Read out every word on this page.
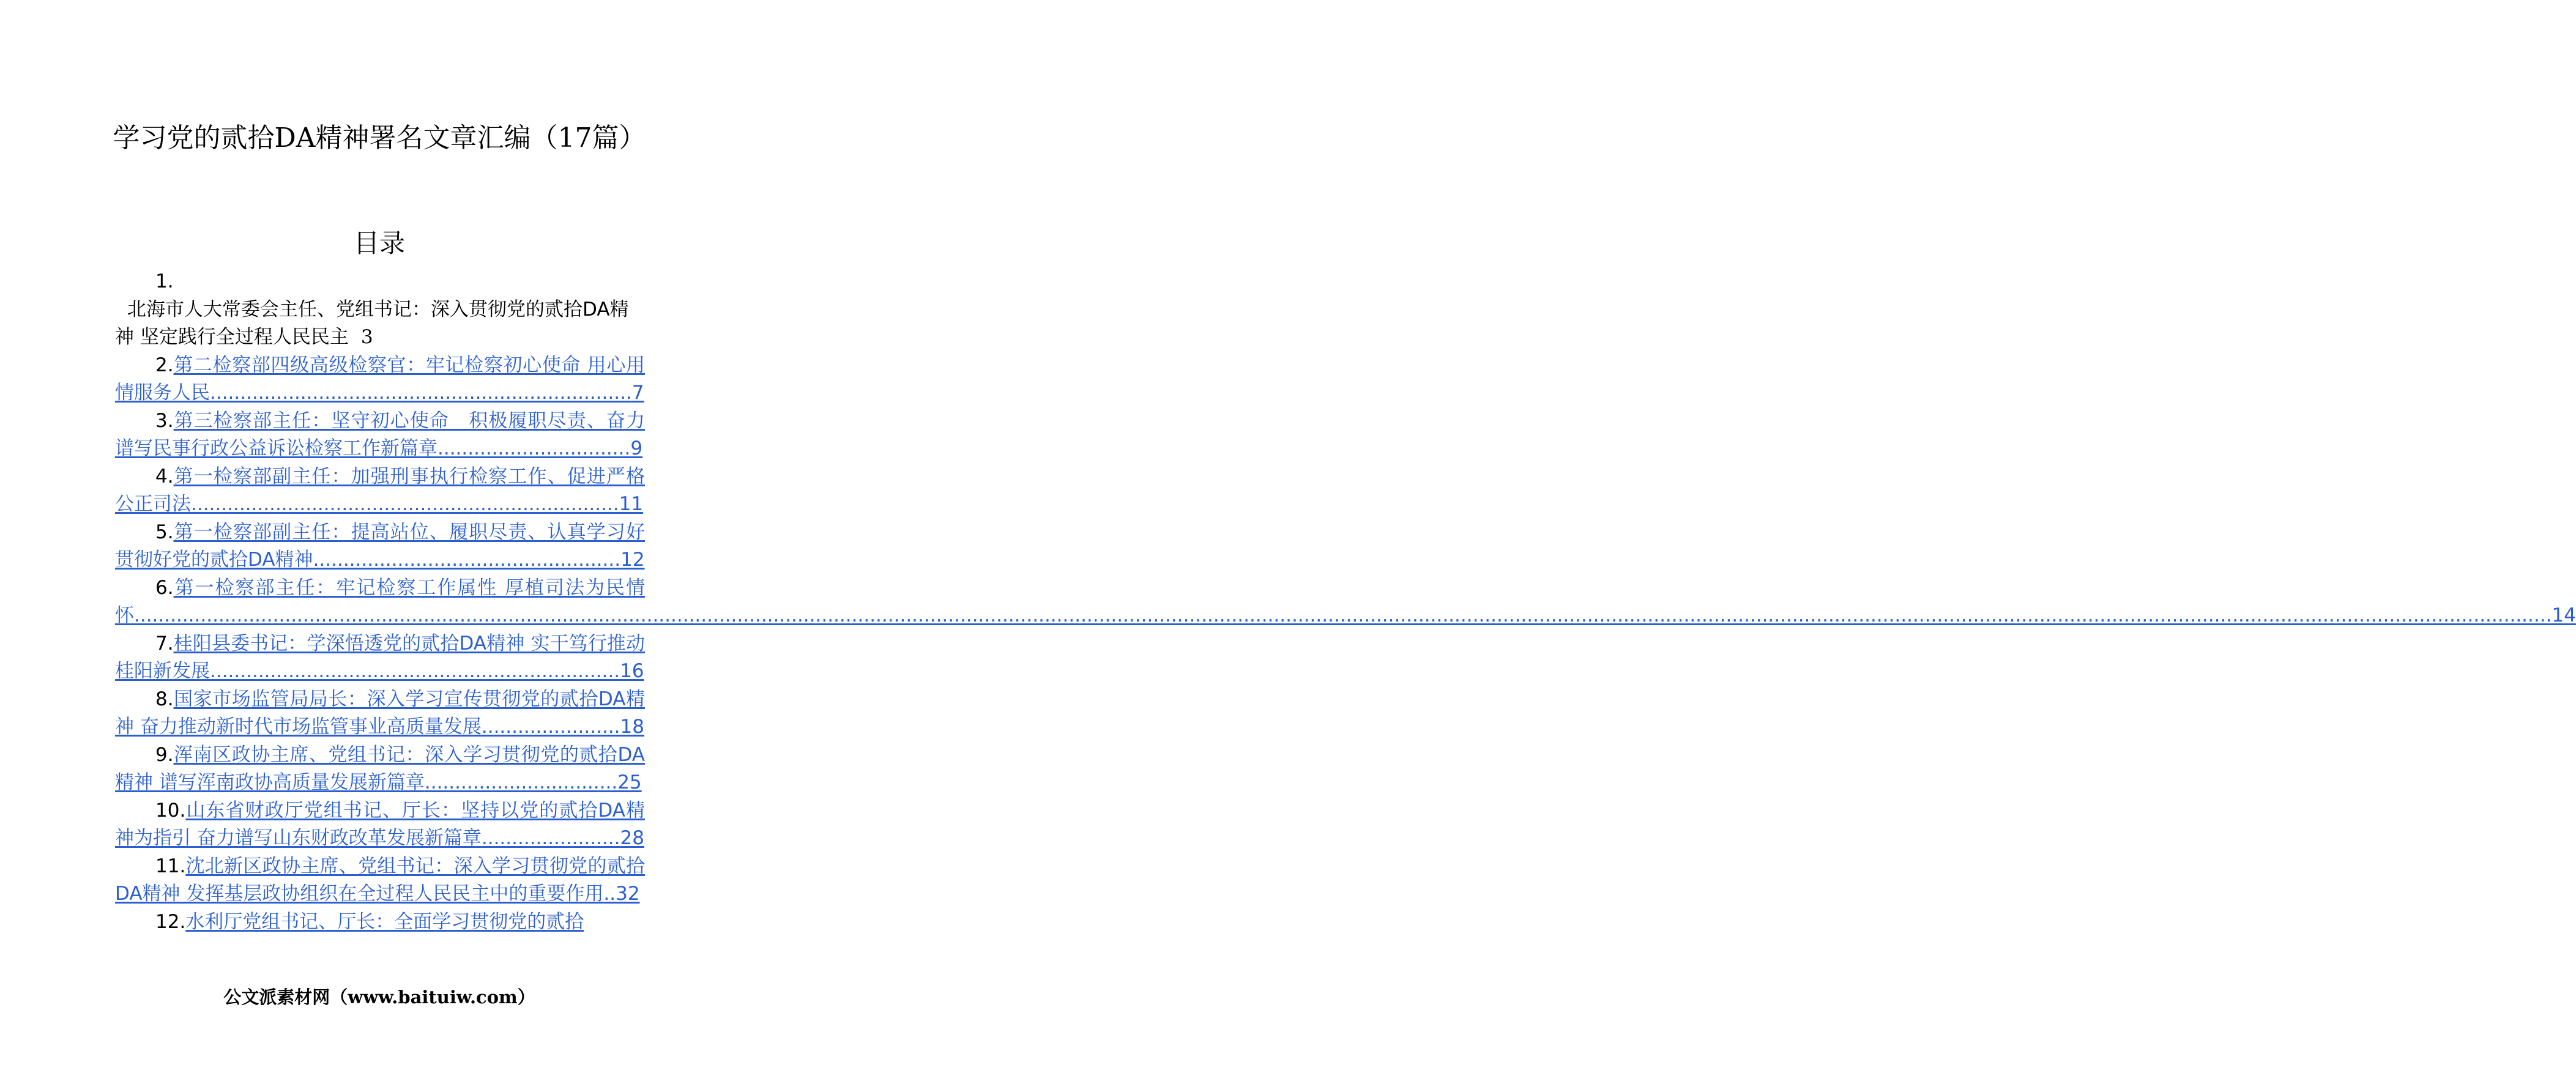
学习党的贰拾DA精神署名文章汇编（17篇）
目录

1.
北海市人大常委会主任、党组书记：深入贯彻党的贰拾DA精神 坚定践行全过程人民民主 3

2.第二检察部四级高级检察官：牢记检察初心使命 用心用情服务人民......................................................................7

3.第三检察部主任：坚守初心使命　积极履职尽责、奋力谱写民事行政公益诉讼检察工作新篇章................................9

4.第一检察部副主任：加强刑事执行检察工作、促进严格公正司法.......................................................................11

5.第一检察部副主任：提高站位、履职尽责、认真学习好贯彻好党的贰拾DA精神...................................................12

6.第一检察部主任：牢记检察工作属性 厚植司法为民情怀.................................................................................................................................................................................................................................................................................................................................................................................................................14

7.桂阳县委书记：学深悟透党的贰拾DA精神 实干笃行推动桂阳新发展....................................................................16

8.国家市场监管局局长：深入学习宣传贯彻党的贰拾DA精神 奋力推动新时代市场监管事业高质量发展.......................18

9.浑南区政协主席、党组书记：深入学习贯彻党的贰拾DA精神 谱写浑南政协高质量发展新篇章................................25

10.山东省财政厅党组书记、厅长：坚持以党的贰拾DA精神为指引 奋力谱写山东财政改革发展新篇章.......................28

11.沈北新区政协主席、党组书记：深入学习贯彻党的贰拾DA精神 发挥基层政协组织在全过程人民民主中的重要作用..32

12.水利厅党组书记、厅长：全面学习贯彻党的贰拾

公文派素材网（www.baituiw.com）
